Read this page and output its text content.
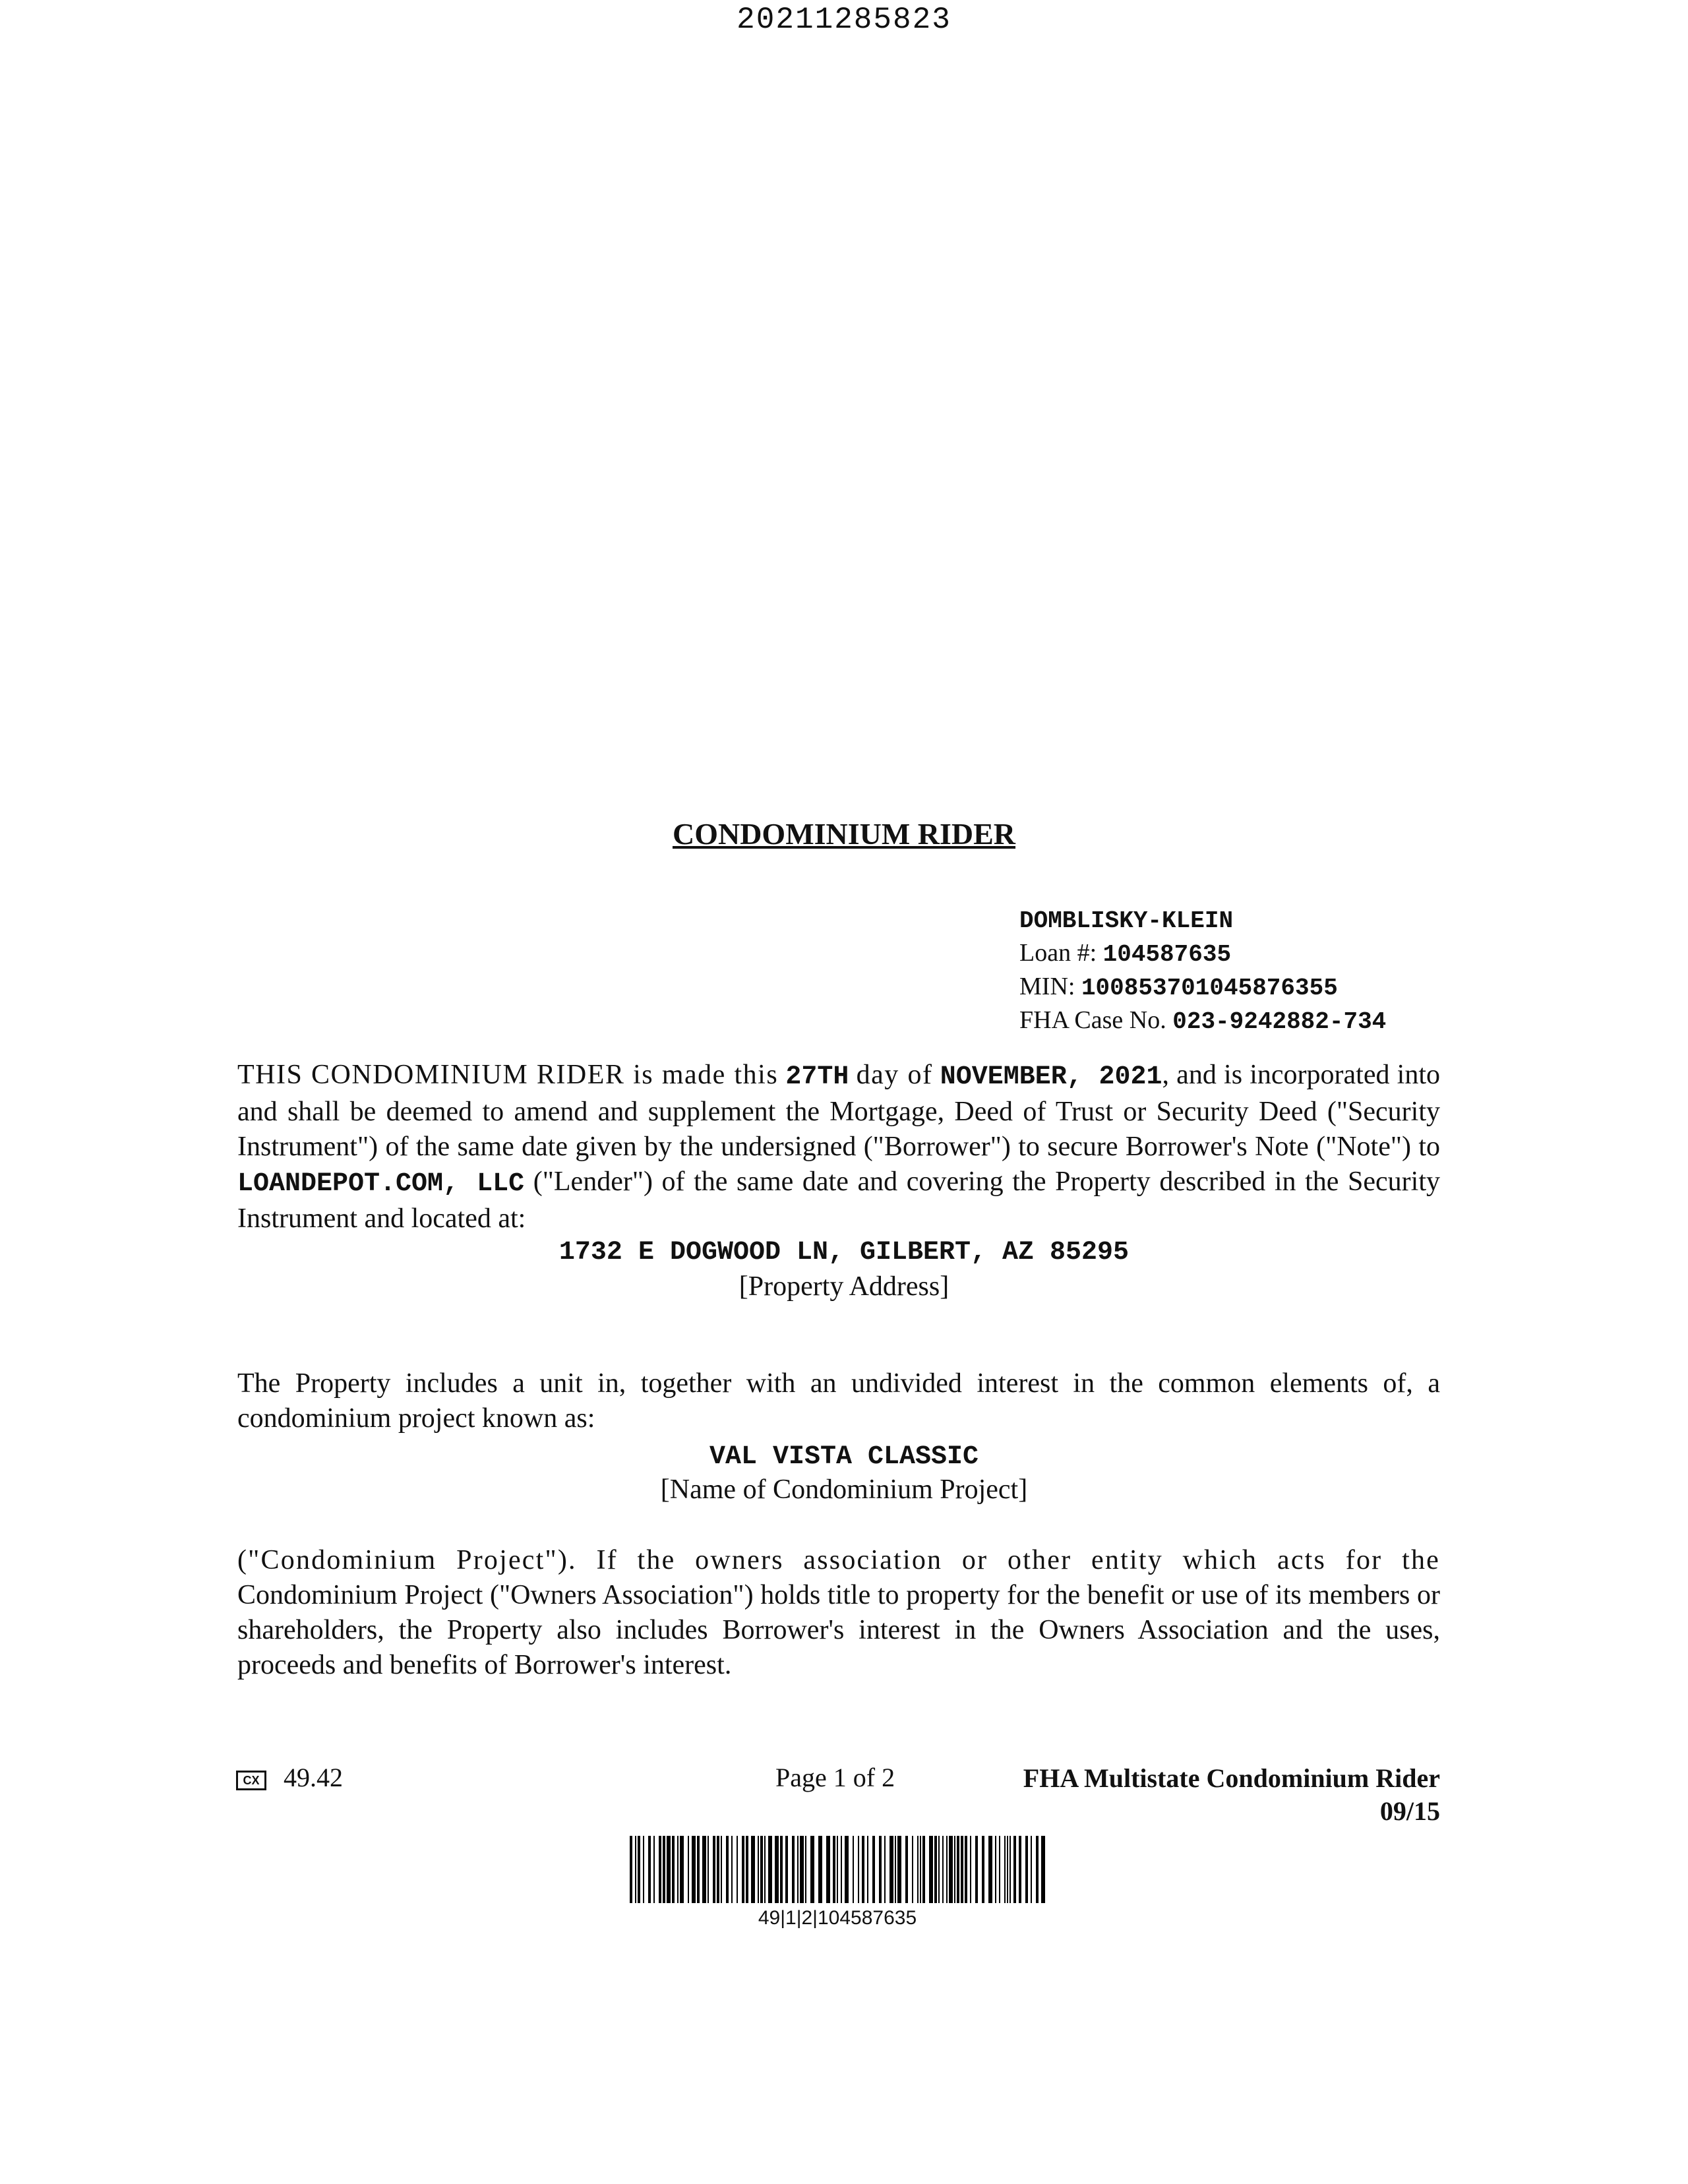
20211285823
CONDOMINIUM RIDER
DOMBLISKY-KLEIN
Loan #: 104587635
MIN: 100853701045876355
FHA Case No. 023-9242882-734
THIS CONDOMINIUM RIDER is made this 27TH day of NOVEMBER, 2021, and is incorporated into and shall be deemed to amend and supplement the Mortgage, Deed of Trust or Security Deed ("Security Instrument") of the same date given by the undersigned ("Borrower") to secure Borrower's Note ("Note") to LOANDEPOT.COM, LLC ("Lender") of the same date and covering the Property described in the Security Instrument and located at:
1732 E DOGWOOD LN, GILBERT, AZ 85295
[Property Address]
The Property includes a unit in, together with an undivided interest in the common elements of, a condominium project known as:
VAL VISTA CLASSIC
[Name of Condominium Project]
("Condominium Project"). If the owners association or other entity which acts for the Condominium Project ("Owners Association") holds title to property for the benefit or use of its members or shareholders, the Property also includes Borrower's interest in the Owners Association and the uses, proceeds and benefits of Borrower's interest.
CX 49.42	Page 1 of 2	FHA Multistate Condominium Rider
09/15
49|1|2|104587635
